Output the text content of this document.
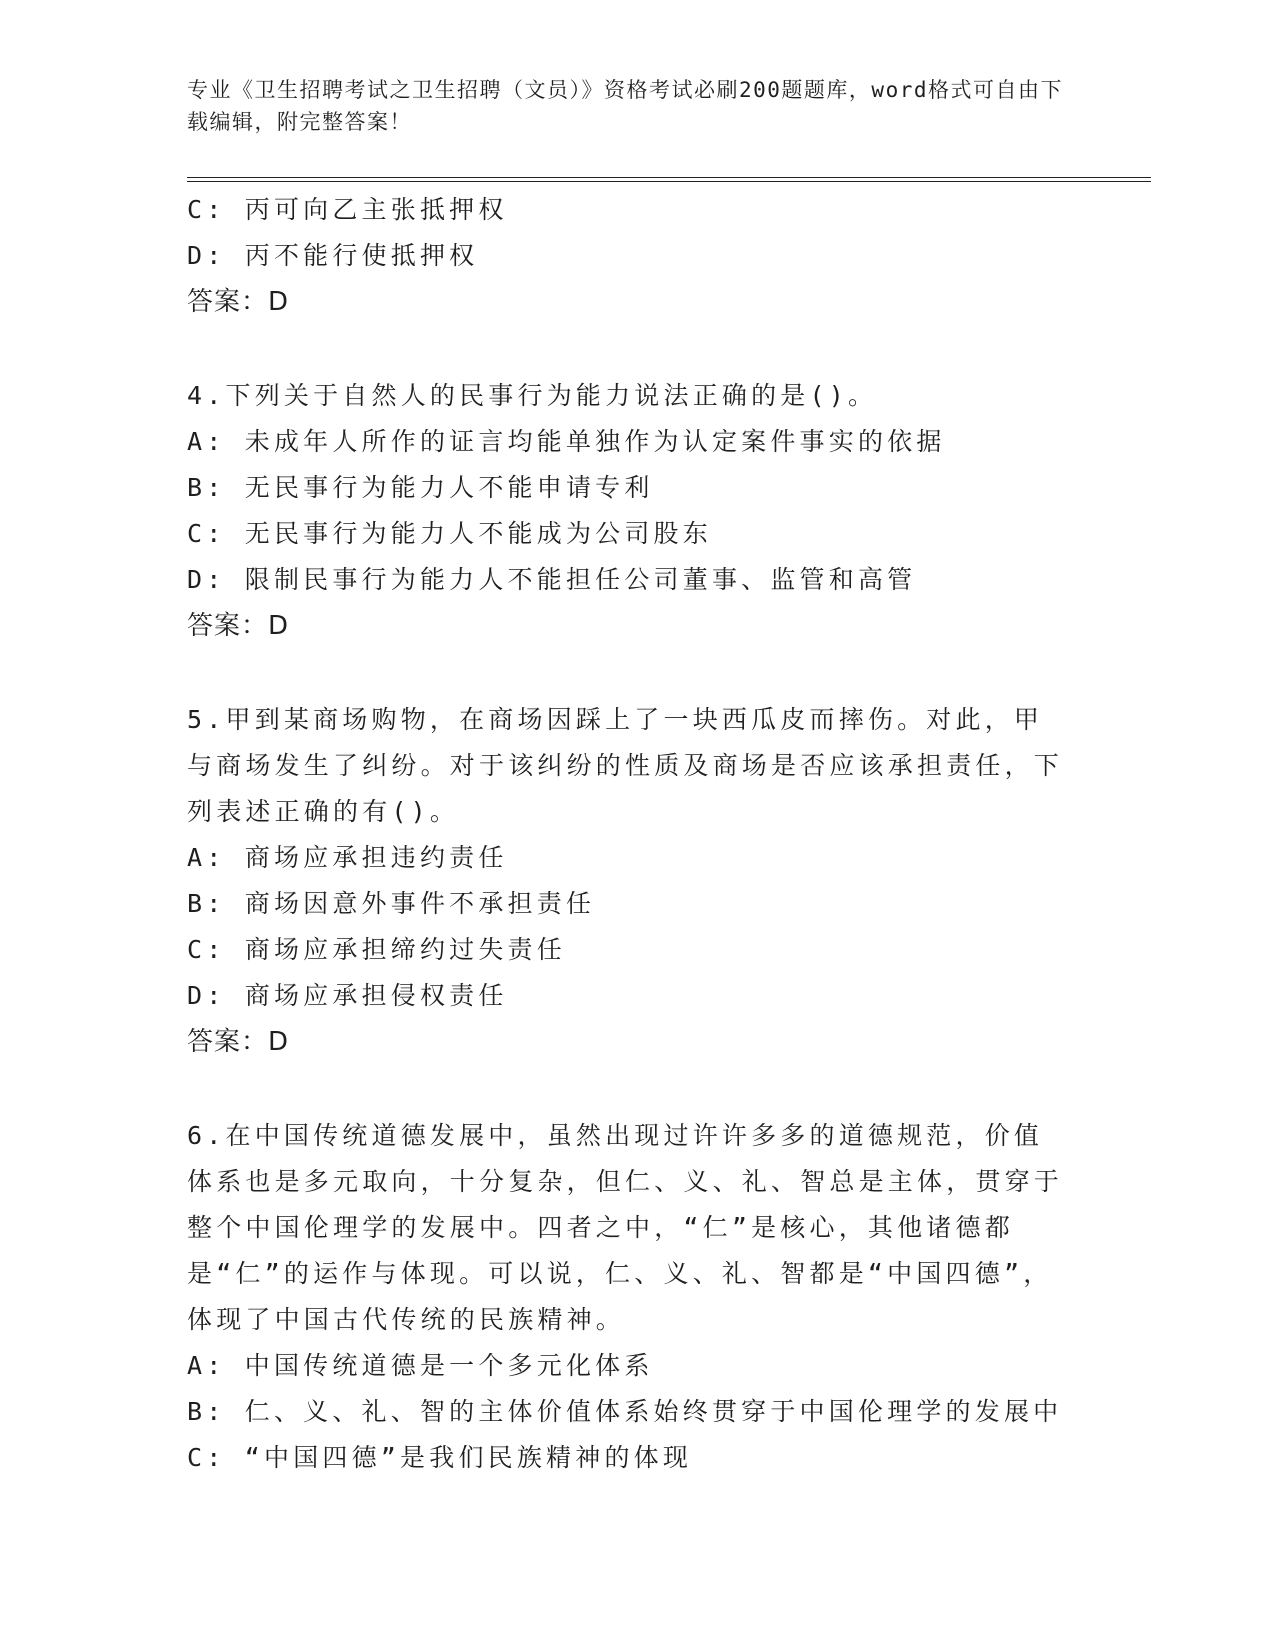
专业《卫生招聘考试之卫生招聘（文员）》资格考试必刷200题题库，word格式可自由下载编辑，附完整答案！

C: 丙可向乙主张抵押权

D: 丙不能行使抵押权

答案：D

4.下列关于自然人的民事行为能力说法正确的是()。

A: 未成年人所作的证言均能单独作为认定案件事实的依据

B: 无民事行为能力人不能申请专利

C: 无民事行为能力人不能成为公司股东

D: 限制民事行为能力人不能担任公司董事、监管和高管

答案：D

5.甲到某商场购物，在商场因踩上了一块西瓜皮而摔伤。对此，甲与商场发生了纠纷。对于该纠纷的性质及商场是否应该承担责任，下列表述正确的有()。

A: 商场应承担违约责任

B: 商场因意外事件不承担责任

C: 商场应承担缔约过失责任

D: 商场应承担侵权责任

答案：D

6.在中国传统道德发展中，虽然出现过许许多多的道德规范，价值体系也是多元取向，十分复杂，但仁、义、礼、智总是主体，贯穿于整个中国伦理学的发展中。四者之中，“仁”是核心，其他诸德都是“仁”的运作与体现。可以说，仁、义、礼、智都是“中国四德”，体现了中国古代传统的民族精神。

A: 中国传统道德是一个多元化体系

B: 仁、义、礼、智的主体价值体系始终贯穿于中国伦理学的发展中

C: “中国四德”是我们民族精神的体现
